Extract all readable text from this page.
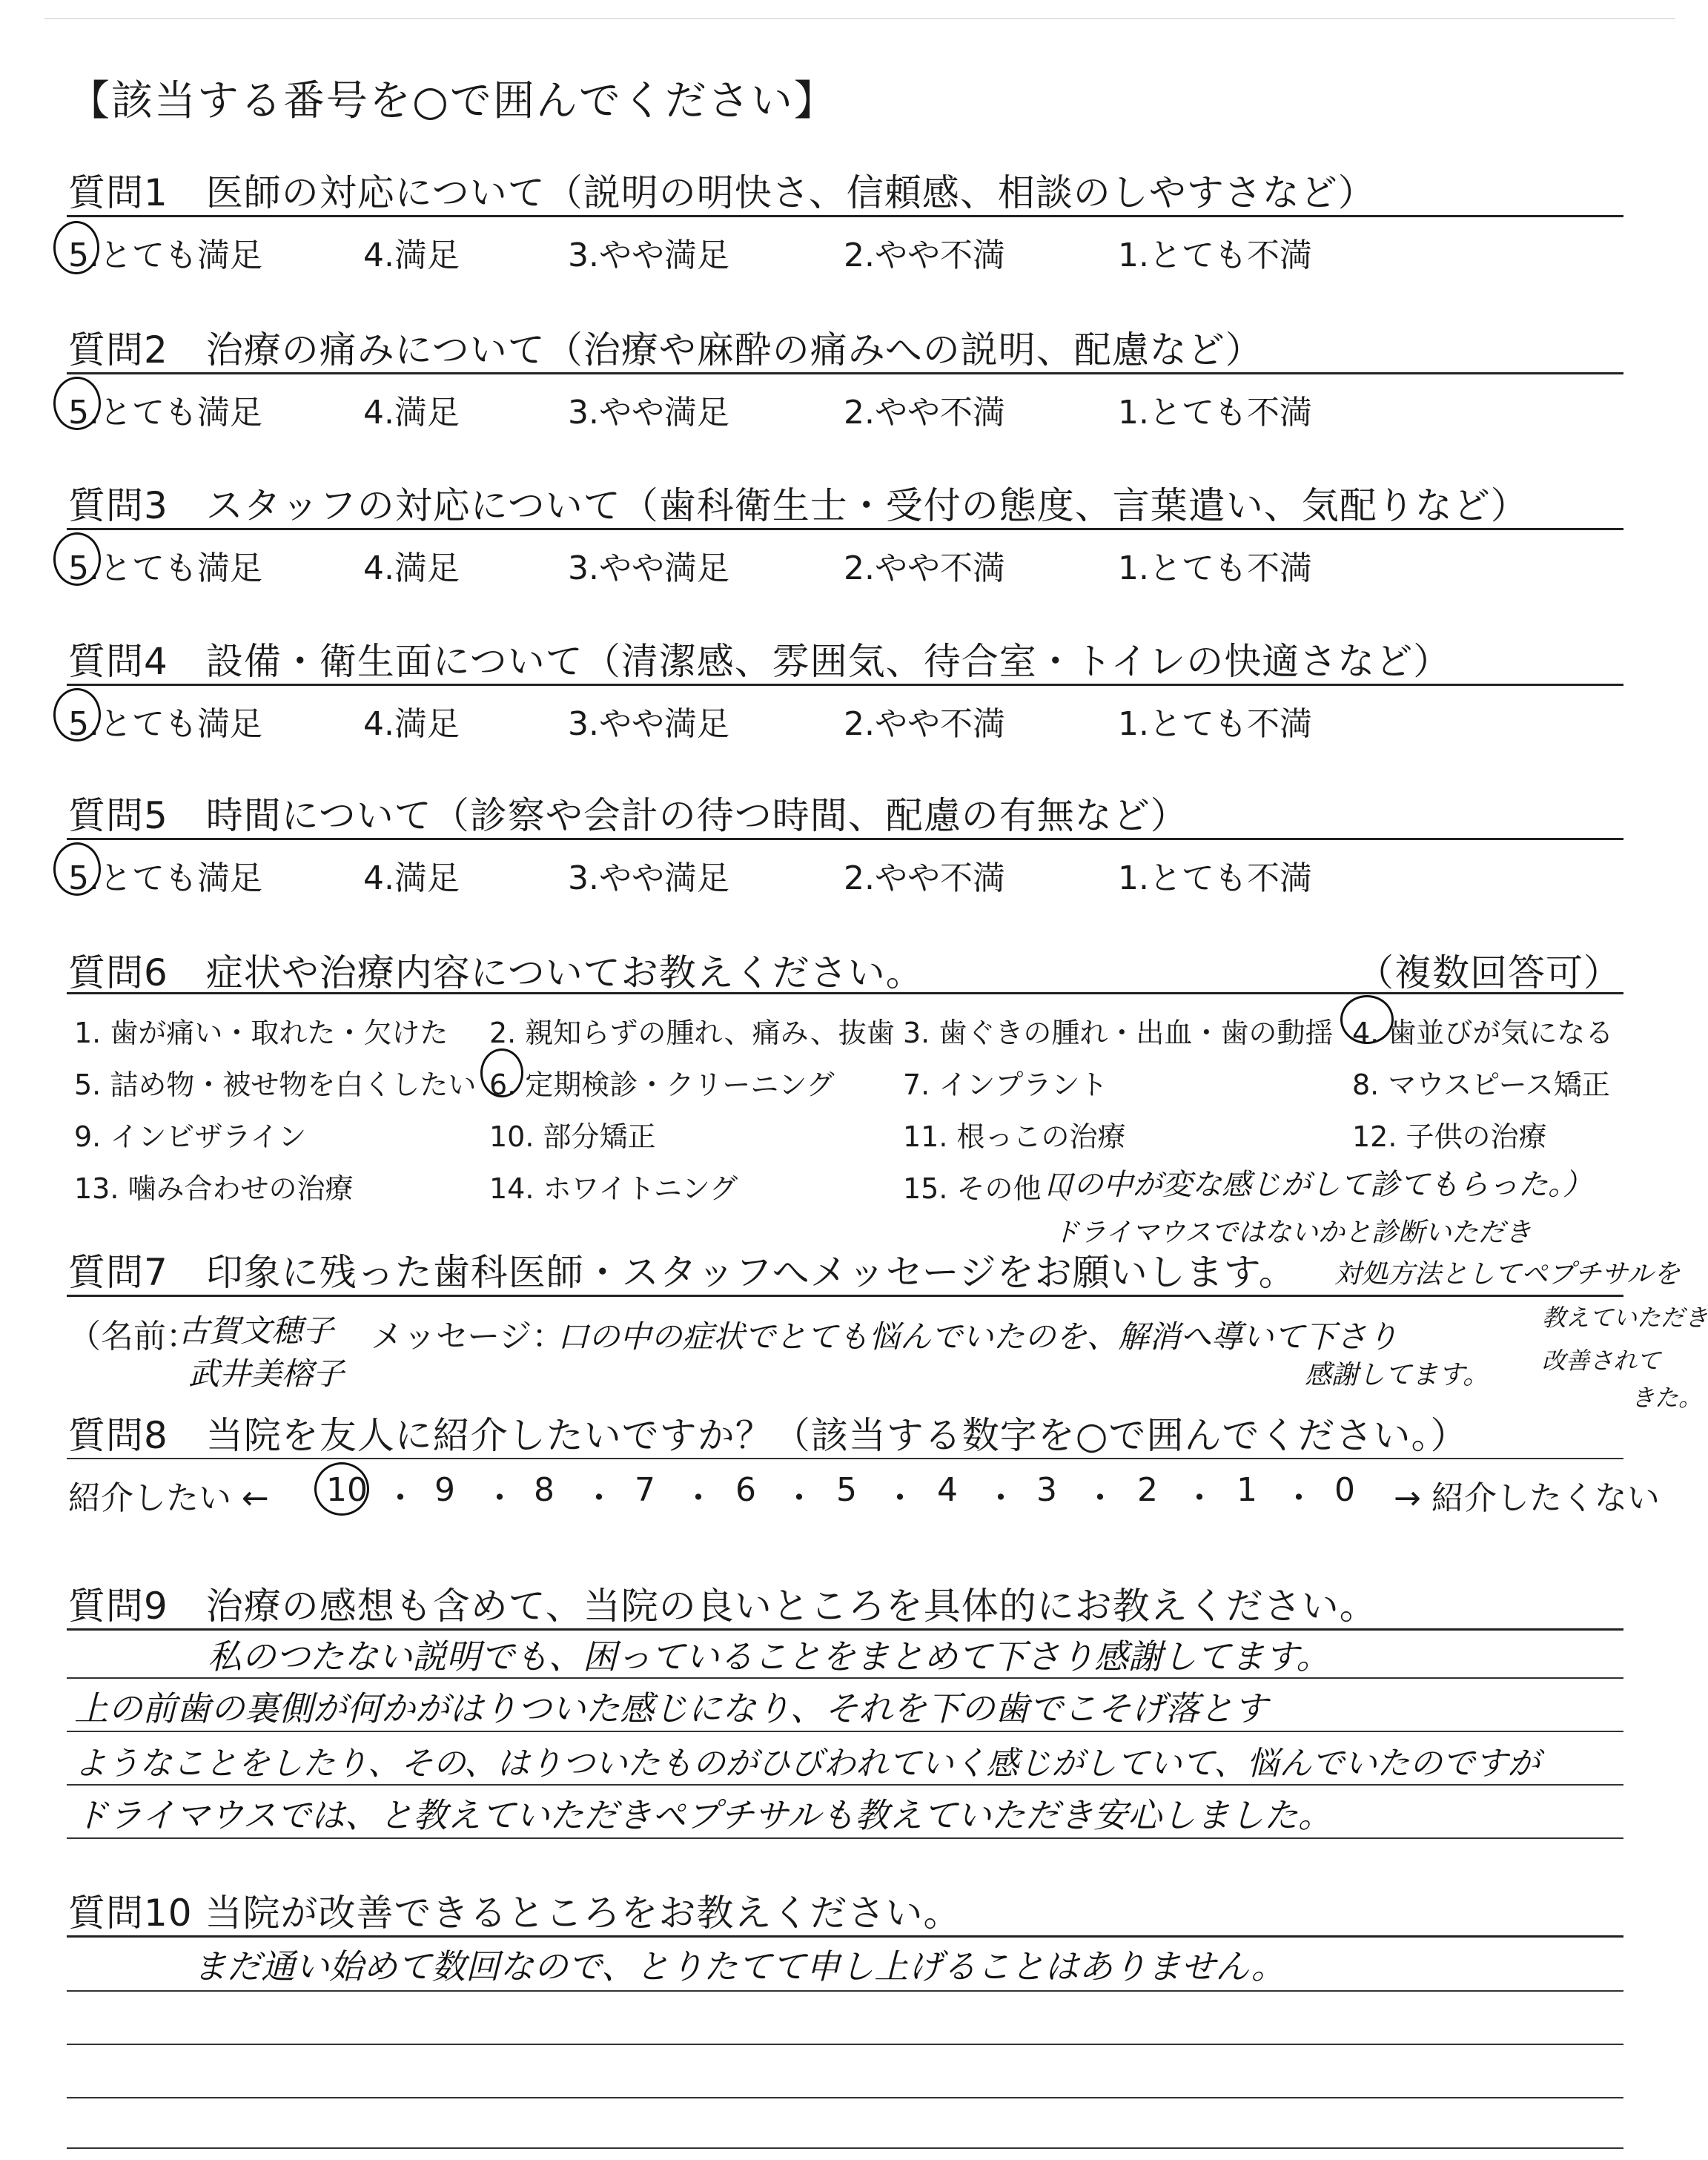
【該当する番号を○で囲んでください】
質問1　医師の対応について（説明の明快さ、信頼感、相談のしやすさなど）
5.とても満足	4.満足	3.やや満足	2.やや不満	1.とても不満
質問2　治療の痛みについて（治療や麻酔の痛みへの説明、配慮など）
5.とても満足	4.満足	3.やや満足	2.やや不満	1.とても不満
質問3　スタッフの対応について（歯科衛生士・受付の態度、言葉遣い、気配りなど）
5.とても満足	4.満足	3.やや満足	2.やや不満	1.とても不満
質問4　設備・衛生面について（清潔感、雰囲気、待合室・トイレの快適さなど）
5.とても満足	4.満足	3.やや満足	2.やや不満	1.とても不満
質問5　時間について（診察や会計の待つ時間、配慮の有無など）
5.とても満足	4.満足	3.やや満足	2.やや不満	1.とても不満
質問6　症状や治療内容についてお教えください。	（複数回答可）
1. 歯が痛い・取れた・欠けた 2. 親知らずの腫れ、痛み、抜歯 3. 歯ぐきの腫れ・出血・歯の動揺 4. 歯並びが気になる
5. 詰め物・被せ物を白くしたい 6. 定期検診・クリーニング 7. インプラント	8. マウスピース矯正
9. インビザライン	10. 部分矯正	11. 根っこの治療	12. 子供の治療
13. 噛み合わせの治療	14. ホワイトニング	15. その他（
口の中が変な感じがして診てもらった。）
ドライマウスではないかと診断いただき
質問7　印象に残った歯科医師・スタッフへメッセージをお願いします。 対処方法としてペプチサルを
（名前：
古賀文穂子
武井美榕子
メッセージ：
口の中の症状でとても悩んでいたのを、解消へ導いて下さり
感謝してます。
教えていただき
改善されて
きた。
質問8　当院を友人に紹介したいですか？（該当する数字を○で囲んでください。）
紹介したい ← 10 ・ 9 ・ 8 ・ 7 ・ 6 ・ 5 ・ 4 ・ 3 ・ 2 ・ 1 ・ 0 → 紹介したくない
質問9　治療の感想も含めて、当院の良いところを具体的にお教えください。
私のつたない説明でも、困っていることをまとめて下さり感謝してます。
上の前歯の裏側が何かがはりついた感じになり、それを下の歯でこそげ落とす
ようなことをしたり、その、はりついたものがひびわれていく感じがしていて、悩んでいたのですが
ドライマウスでは、と教えていただきペプチサルも教えていただき安心しました。
質問10 当院が改善できるところをお教えください。
まだ通い始めて数回なので、とりたてて申し上げることはありません。
